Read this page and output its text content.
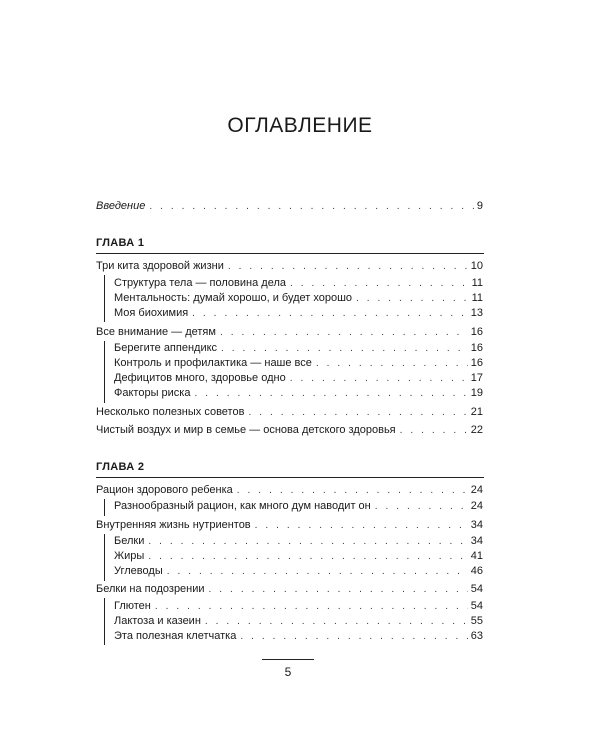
ОГЛАВЛЕНИЕ
Введение . . .	9
ГЛАВА 1
Три кита здоровой жизни . . .	10
Структура тела — половина дела . . .	11
Ментальность: думай хорошо, и будет хорошо . . .	11
Моя биохимия . . .	13
Все внимание — детям . . .	16
Берегите аппендикс . . .	16
Контроль и профилактика — наше все . . .	16
Дефицитов много, здоровье одно . . .	17
Факторы риска . . .	19
Несколько полезных советов . . .	21
Чистый воздух и мир в семье — основа детского здоровья . . .	22
ГЛАВА 2
Рацион здорового ребенка . . .	24
Разнообразный рацион, как много дум наводит он . . .	24
Внутренняя жизнь нутриентов . . .	34
Белки . . .	34
Жиры . . .	41
Углеводы . . .	46
Белки на подозрении . . .	54
Глютен . . .	54
Лактоза и казеин . . .	55
Эта полезная клетчатка . . .	63
5
